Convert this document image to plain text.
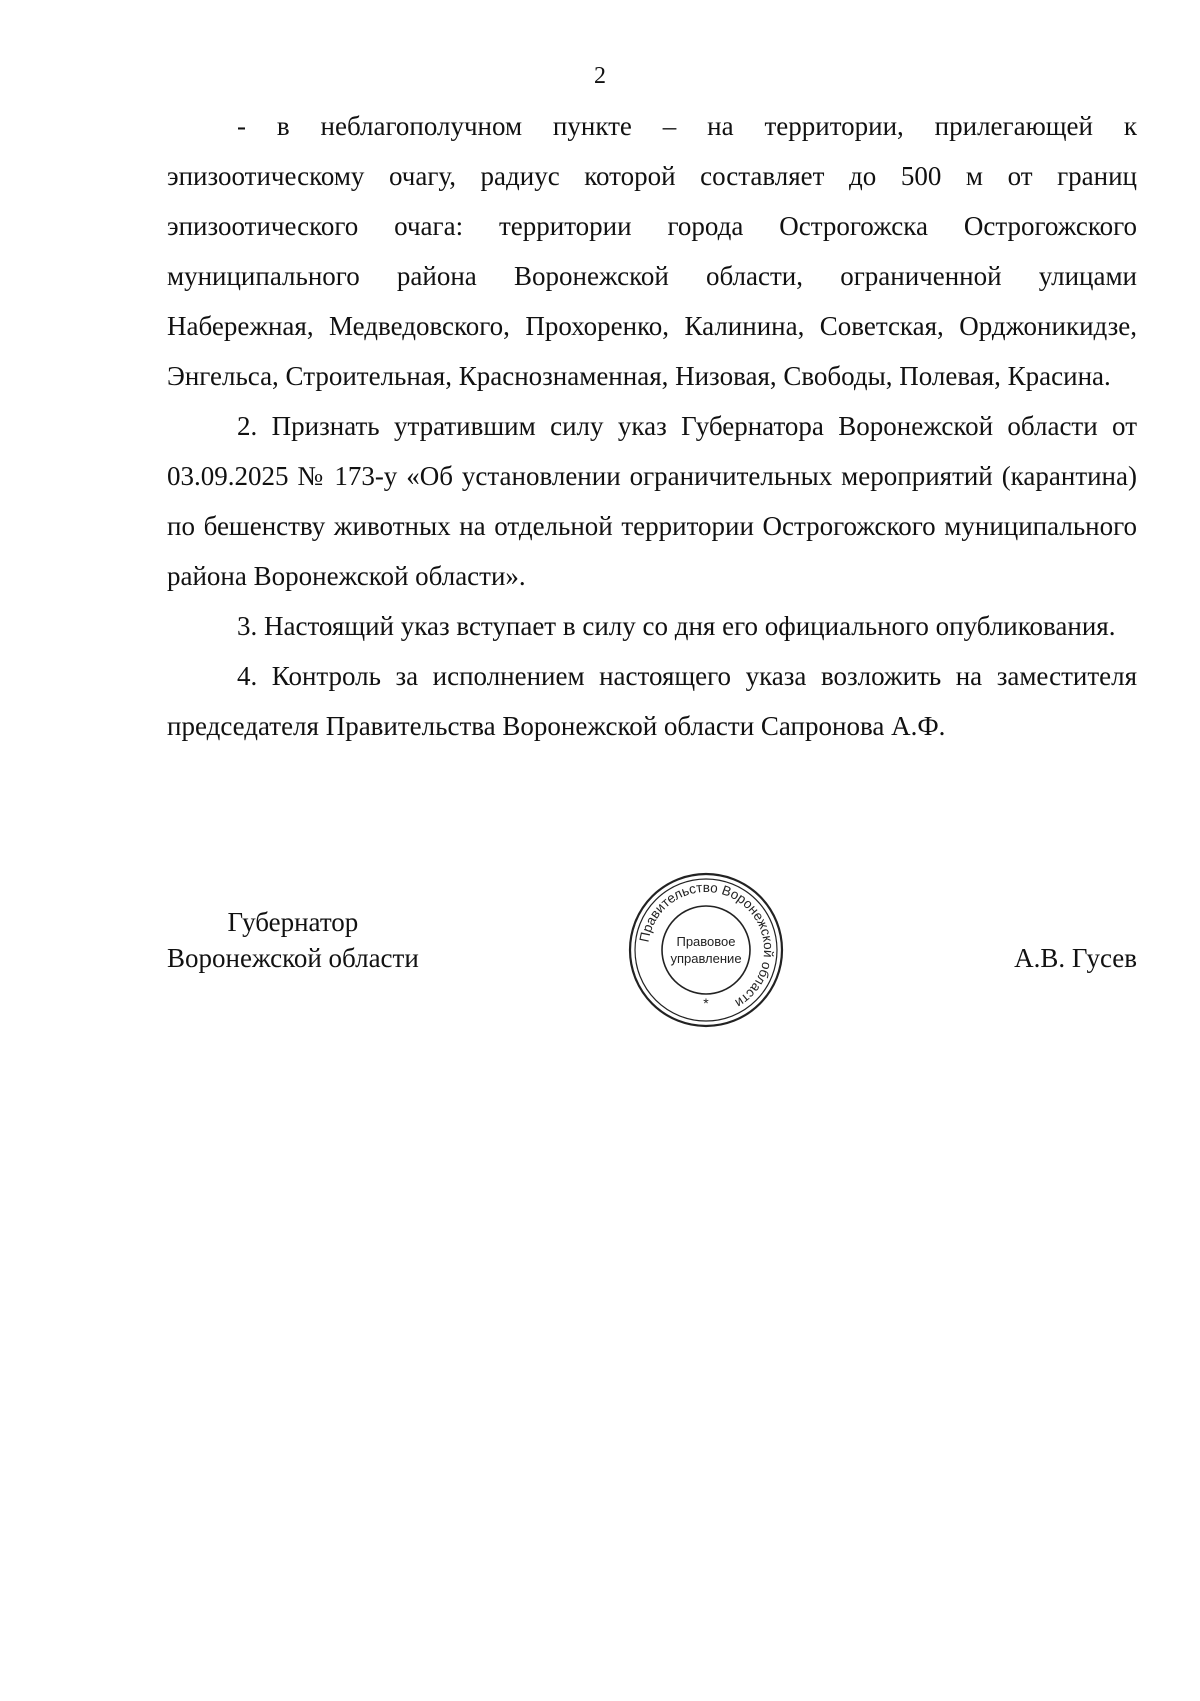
2

- в неблагополучном пункте – на территории, прилегающей к эпизоотическому очагу, радиус которой составляет до 500 м от границ эпизоотического очага: территории города Острогожска Острогожского муниципального района Воронежской области, ограниченной улицами Набережная, Медведовского, Прохоренко, Калинина, Советская, Орджоникидзе, Энгельса, Строительная, Краснознаменная, Низовая, Свободы, Полевая, Красина.

2. Признать утратившим силу указ Губернатора Воронежской области от 03.09.2025 № 173-у «Об установлении ограничительных мероприятий (карантина) по бешенству животных на отдельной территории Острогожского муниципального района Воронежской области».

3. Настоящий указ вступает в силу со дня его официального опубликования.

4. Контроль за исполнением настоящего указа возложить на заместителя председателя Правительства Воронежской области Сапронова А.Ф.

Губернатор
Воронежской области
Правительство Воронежской области
Правовое
управление
*
А.В. Гусев
